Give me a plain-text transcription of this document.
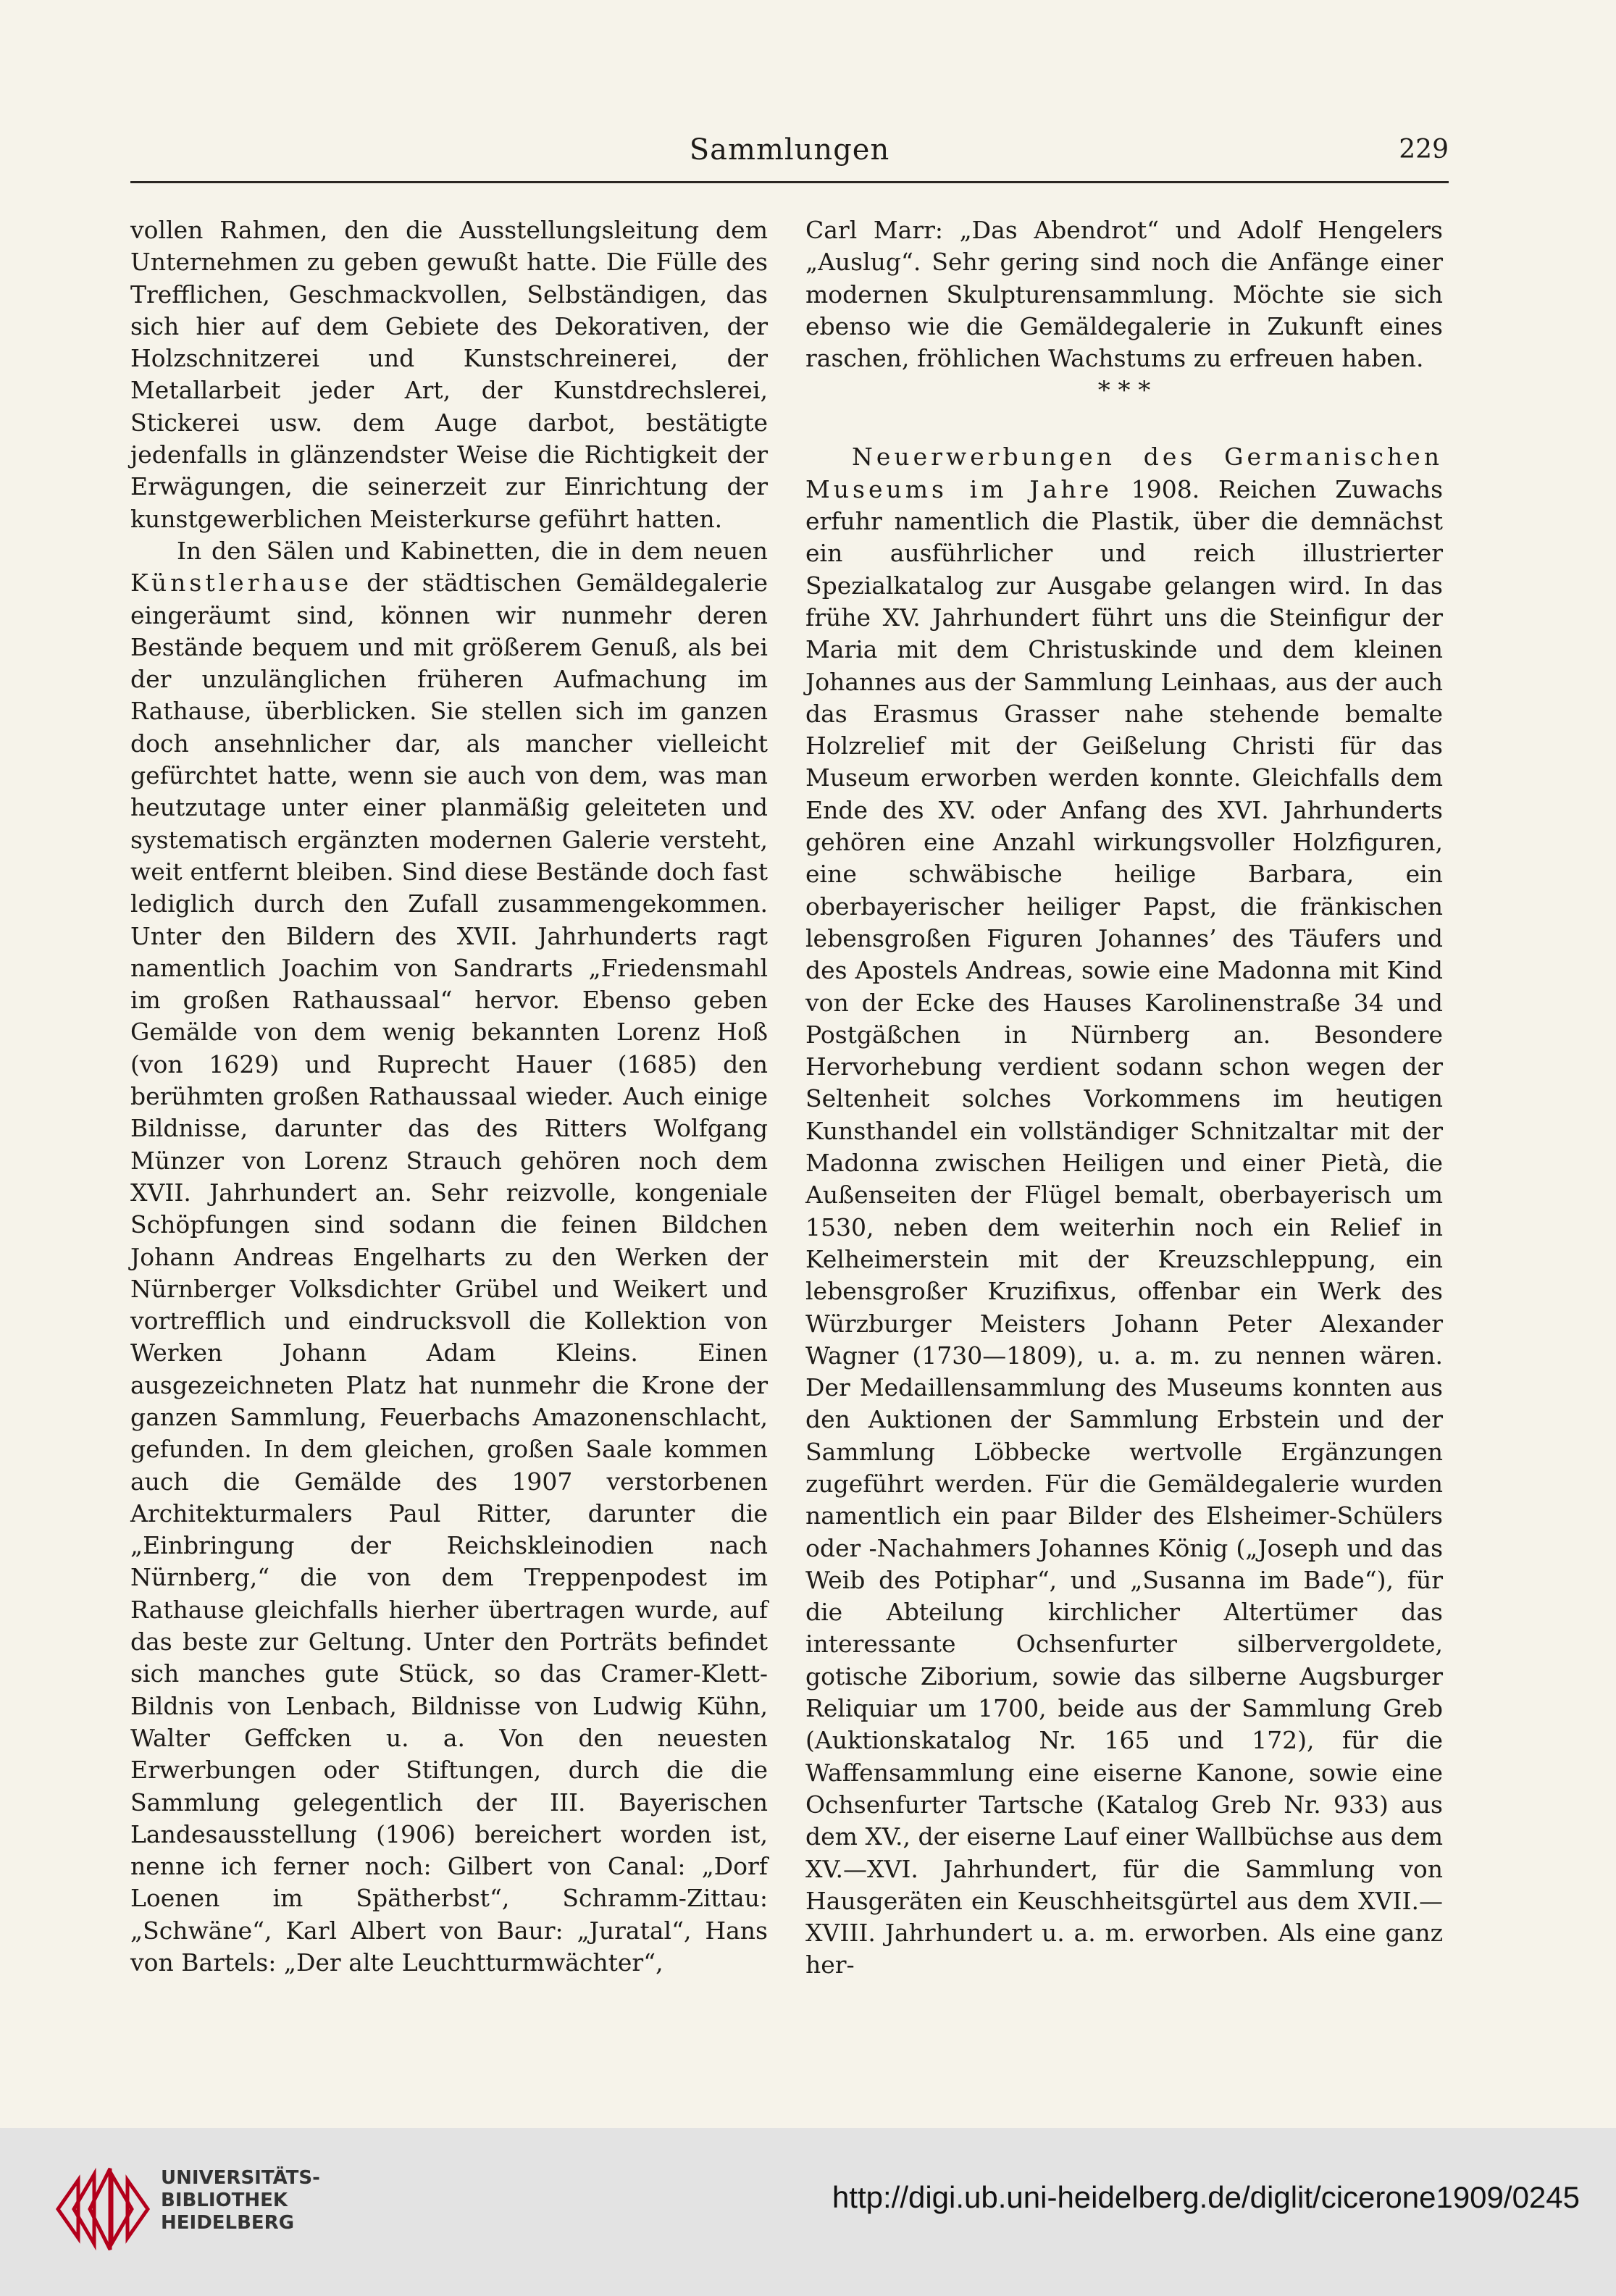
Sammlungen	229

vollen Rahmen, den die Ausstellungsleitung dem Unternehmen zu geben gewußt hatte. Die Fülle des Trefflichen, Geschmackvollen, Selbständigen, das sich hier auf dem Gebiete des Dekorativen, der Holzschnitzerei und Kunstschreinerei, der Metallarbeit jeder Art, der Kunstdrechslerei, Stickerei usw. dem Auge darbot, bestätigte jedenfalls in glänzendster Weise die Richtigkeit der Erwägungen, die seinerzeit zur Einrichtung der kunstgewerblichen Meisterkurse geführt hatten.

In den Sälen und Kabinetten, die in dem neuen Künstlerhause der städtischen Gemäldegalerie eingeräumt sind, können wir nunmehr deren Bestände bequem und mit größerem Genuß, als bei der unzulänglichen früheren Aufmachung im Rathause, überblicken. Sie stellen sich im ganzen doch ansehnlicher dar, als mancher vielleicht gefürchtet hatte, wenn sie auch von dem, was man heutzutage unter einer planmäßig geleiteten und systematisch ergänzten modernen Galerie versteht, weit entfernt bleiben. Sind diese Bestände doch fast lediglich durch den Zufall zusammengekommen. Unter den Bildern des XVII. Jahrhunderts ragt namentlich Joachim von Sandrarts „Friedensmahl im großen Rathaussaal“ hervor. Ebenso geben Gemälde von dem wenig bekannten Lorenz Hoß (von 1629) und Ruprecht Hauer (1685) den berühmten großen Rathaussaal wieder. Auch einige Bildnisse, darunter das des Ritters Wolfgang Münzer von Lorenz Strauch gehören noch dem XVII. Jahrhundert an. Sehr reizvolle, kongeniale Schöpfungen sind sodann die feinen Bildchen Johann Andreas Engelharts zu den Werken der Nürnberger Volksdichter Grübel und Weikert und vortrefflich und eindrucksvoll die Kollektion von Werken Johann Adam Kleins. Einen ausgezeichneten Platz hat nunmehr die Krone der ganzen Sammlung, Feuerbachs Amazonenschlacht, gefunden. In dem gleichen, großen Saale kommen auch die Gemälde des 1907 verstorbenen Architekturmalers Paul Ritter, darunter die „Einbringung der Reichskleinodien nach Nürnberg,“ die von dem Treppenpodest im Rathause gleichfalls hierher übertragen wurde, auf das beste zur Geltung. Unter den Porträts befindet sich manches gute Stück, so das Cramer-Klett-Bildnis von Lenbach, Bildnisse von Ludwig Kühn, Walter Geffcken u. a. Von den neuesten Erwerbungen oder Stiftungen, durch die die Sammlung gelegentlich der III. Bayerischen Landesausstellung (1906) bereichert worden ist, nenne ich ferner noch: Gilbert von Canal: „Dorf Loenen im Spätherbst“, Schramm-Zittau: „Schwäne“, Karl Albert von Baur: „Juratal“, Hans von Bartels: „Der alte Leuchtturmwächter“,

Carl Marr: „Das Abendrot“ und Adolf Hengelers „Auslug“. Sehr gering sind noch die Anfänge einer modernen Skulpturensammlung. Möchte sie sich ebenso wie die Gemäldegalerie in Zukunft eines raschen, fröhlichen Wachstums zu erfreuen haben.

* * *

Neuerwerbungen des Germanischen Museums im Jahre 1908. Reichen Zuwachs erfuhr namentlich die Plastik, über die demnächst ein ausführlicher und reich illustrierter Spezialkatalog zur Ausgabe gelangen wird. In das frühe XV. Jahrhundert führt uns die Steinfigur der Maria mit dem Christuskinde und dem kleinen Johannes aus der Sammlung Leinhaas, aus der auch das Erasmus Grasser nahe stehende bemalte Holzrelief mit der Geißelung Christi für das Museum erworben werden konnte. Gleichfalls dem Ende des XV. oder Anfang des XVI. Jahrhunderts gehören eine Anzahl wirkungsvoller Holzfiguren, eine schwäbische heilige Barbara, ein oberbayerischer heiliger Papst, die fränkischen lebensgroßen Figuren Johannes’ des Täufers und des Apostels Andreas, sowie eine Madonna mit Kind von der Ecke des Hauses Karolinenstraße 34 und Postgäßchen in Nürnberg an. Besondere Hervorhebung verdient sodann schon wegen der Seltenheit solches Vorkommens im heutigen Kunsthandel ein vollständiger Schnitzaltar mit der Madonna zwischen Heiligen und einer Pietà, die Außenseiten der Flügel bemalt, oberbayerisch um 1530, neben dem weiterhin noch ein Relief in Kelheimerstein mit der Kreuzschleppung, ein lebensgroßer Kruzifixus, offenbar ein Werk des Würzburger Meisters Johann Peter Alexander Wagner (1730—1809), u. a. m. zu nennen wären. Der Medaillensammlung des Museums konnten aus den Auktionen der Sammlung Erbstein und der Sammlung Löbbecke wertvolle Ergänzungen zugeführt werden. Für die Gemäldegalerie wurden namentlich ein paar Bilder des Elsheimer-Schülers oder -Nachahmers Johannes König („Joseph und das Weib des Potiphar“, und „Susanna im Bade“), für die Abteilung kirchlicher Altertümer das interessante Ochsenfurter silbervergoldete, gotische Ziborium, sowie das silberne Augsburger Reliquiar um 1700, beide aus der Sammlung Greb (Auktionskatalog Nr. 165 und 172), für die Waffensammlung eine eiserne Kanone, sowie eine Ochsenfurter Tartsche (Katalog Greb Nr. 933) aus dem XV., der eiserne Lauf einer Wallbüchse aus dem XV.—XVI. Jahrhundert, für die Sammlung von Hausgeräten ein Keuschheitsgürtel aus dem XVII.—XVIII. Jahrhundert u. a. m. erworben. Als eine ganz her-

UNIVERSITÄTS-
BIBLIOTHEK
HEIDELBERG
http://digi.ub.uni-heidelberg.de/diglit/cicerone1909/0245
